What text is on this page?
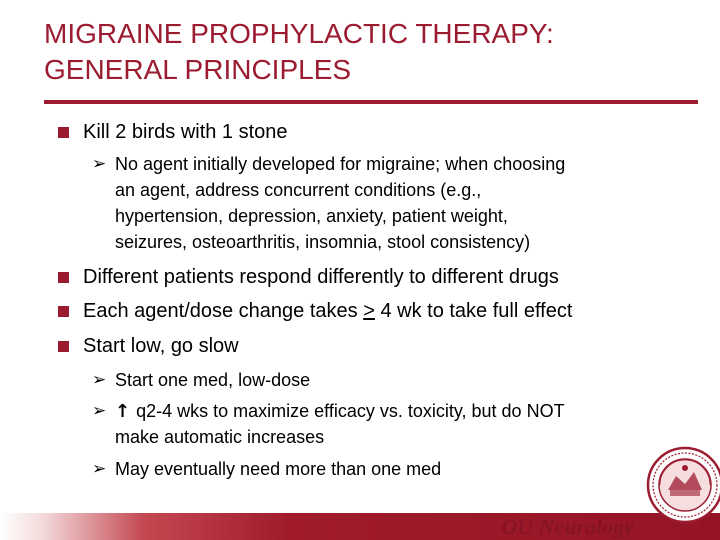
MIGRAINE PROPHYLACTIC THERAPY:
GENERAL PRINCIPLES
Kill 2 birds with 1 stone
➢ No agent initially developed for migraine; when choosing
an agent, address concurrent conditions (e.g.,
hypertension, depression, anxiety, patient weight,
seizures, osteoarthritis, insomnia, stool consistency)
Different patients respond differently to different drugs
Each agent/dose change takes ≥ 4 wk to take full effect
Start low, go slow
➢ Start one med, low-dose
➢ ↑ q2-4 wks to maximize efficacy vs. toxicity, but do NOT
make automatic increases
➢ May eventually need more than one med
OU Neurology
